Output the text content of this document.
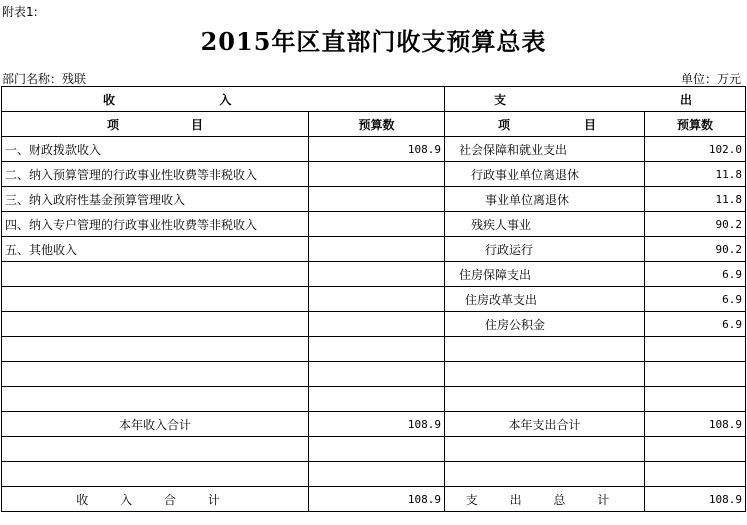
附表1:
2015年区直部门收支预算总表
部门名称：残联	单位：万元
收 入		支 出	
项 目	预算数	项 目	预算数
一、财政拨款收入	108.9	社会保障和就业支出	102.0
二、纳入预算管理的行政事业性收费等非税收入		行政事业单位离退休	11.8
三、纳入政府性基金预算管理收入		事业单位离退休	11.8
四、纳入专户管理的行政事业性收费等非税收入		残疾人事业	90.2
五、其他收入		行政运行	90.2
		住房保障支出	6.9
		住房改革支出	6.9
		住房公积金	6.9

本年收入合计	108.9	本年支出合计	108.9

收 入 合 计	108.9	支 出 总 计	108.9
